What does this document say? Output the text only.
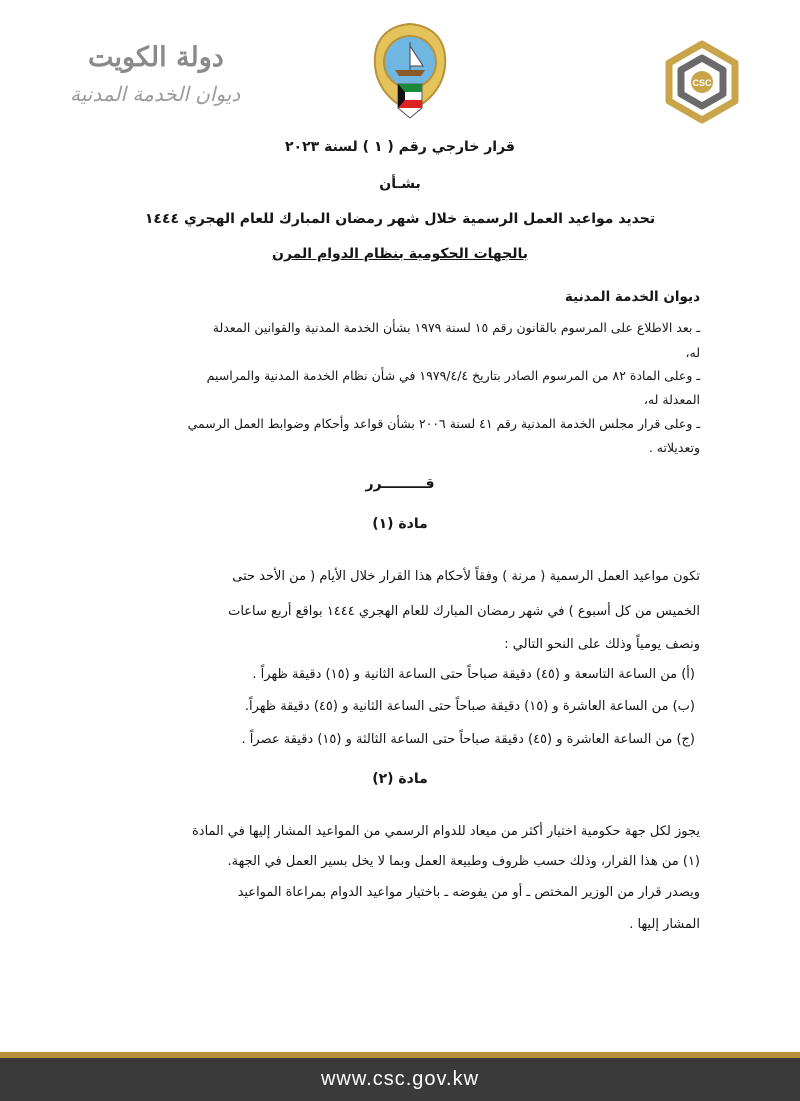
دولة الكويت
ديوان الخدمة المدنية	CSC
قرار خارجي رقم ( ١ ) لسنة ٢٠٢٣
بشـأن
تحديد مواعيد العمل الرسمية خلال شهر رمضان المبارك للعام الهجري ١٤٤٤
بالجهات الحكومية بنظام الدوام المرن
ديوان الخدمة المدنية
ـ بعد الاطلاع على المرسوم بالقانون رقم ١٥ لسنة ١٩٧٩ بشأن الخدمة المدنية والقوانين المعدلة
له،
ـ وعلى المادة ٨٢ من المرسوم الصادر بتاريخ ١٩٧٩/٤/٤ في شأن نظام الخدمة المدنية والمراسيم
المعدلة له،
ـ وعلى قرار مجلس الخدمة المدنية رقم ٤١ لسنة ٢٠٠٦ بشأن قواعد وأحكام وضوابط العمل الرسمي
وتعديلاته .
قـــــــــرر
مادة (١)
تكون مواعيد العمل الرسمية ( مرنة ) وفقاً لأحكام هذا القرار خلال الأيام ( من الأحد حتى
الخميس من كل أسبوع ) في شهر رمضان المبارك للعام الهجري ١٤٤٤ بواقع أربع ساعات
ونصف يومياً وذلك على النحو التالي :
(أ) من الساعة التاسعة و (٤٥) دقيقة صباحاً حتى الساعة الثانية و (١٥) دقيقة ظهراً .
(ب) من الساعة العاشرة و (١٥) دقيقة صباحاً حتى الساعة الثانية و (٤٥) دقيقة ظهراً.
(ج) من الساعة العاشرة و (٤٥) دقيقة صباحاً حتى الساعة الثالثة و (١٥) دقيقة عصراً .
مادة (٢)
يجوز لكل جهة حكومية اختيار أكثر من ميعاد للدوام الرسمي من المواعيد المشار إليها في المادة
(١) من هذا القرار، وذلك حسب ظروف وطبيعة العمل وبما لا يخل بسير العمل في الجهة.
ويصدر قرار من الوزير المختص ـ أو من يفوضه ـ باختيار مواعيد الدوام بمراعاة المواعيد
المشار إليها .
www.csc.gov.kw
